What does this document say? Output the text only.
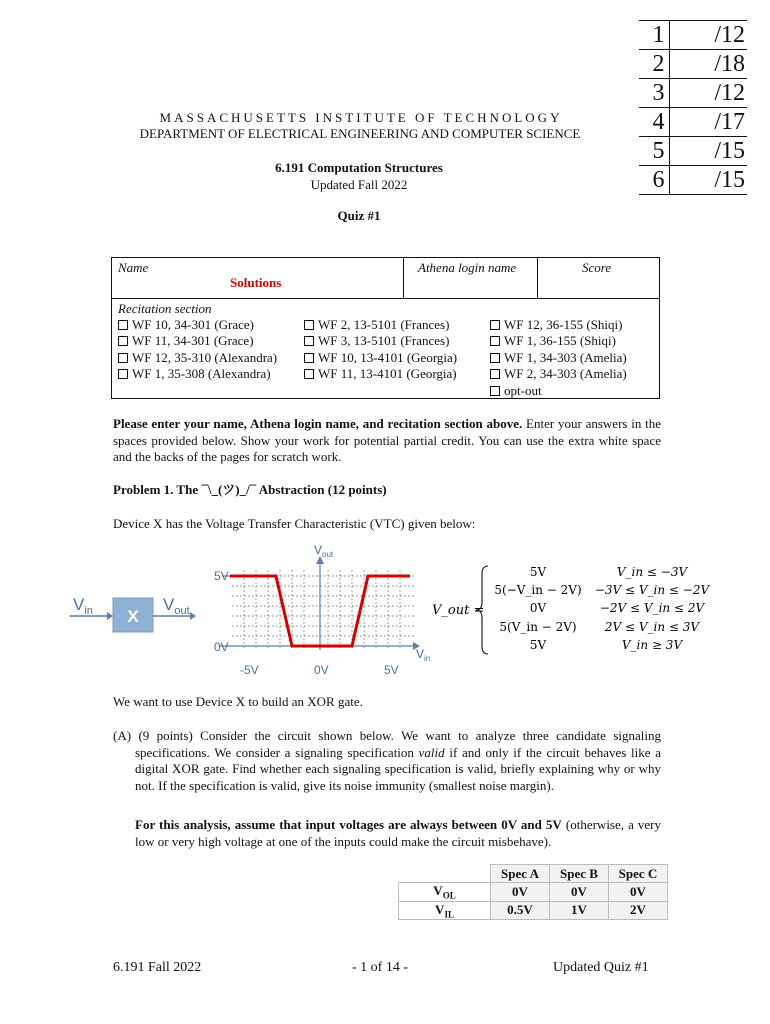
1	/12
2	/18
3	/12
4	/17
5	/15
6	/15
MASSACHUSETTS INSTITUTE OF TECHNOLOGY
DEPARTMENT OF ELECTRICAL ENGINEERING AND COMPUTER SCIENCE
6.191 Computation Structures
Updated Fall 2022
Quiz #1
Name
Solutions
Athena login name	Score
Recitation section
WF 10, 34-301 (Grace)
WF 11, 34-301 (Grace)
WF 12, 35-310 (Alexandra)
WF 1, 35-308 (Alexandra)
WF 2, 13-5101 (Frances)
WF 3, 13-5101 (Frances)
WF 10, 13-4101 (Georgia)
WF 11, 13-4101 (Georgia)
WF 12, 36-155 (Shiqi)
WF 1, 36-155 (Shiqi)
WF 1, 34-303 (Amelia)
WF 2, 34-303 (Amelia)
opt-out
Please enter your name, Athena login name, and recitation section above. Enter your answers in the spaces provided below. Show your work for potential partial credit. You can use the extra white space and the backs of the pages for scratch work.
Problem 1. The ¯\_(ツ)_/¯ Abstraction (12 points)
Device X has the Voltage Transfer Characteristic (VTC) given below:
X
$V_{in}$	$V_{out}$
$V_{out}$
$V_{in}$
5V
0V
-5V	0V	5V
V_out =
5V	V_in ≤ −3V
5(−V_in − 2V) −3V ≤ V_in ≤ −2V
0V	−2V ≤ V_in ≤ 2V
5(V_in − 2V) 2V ≤ V_in ≤ 3V
5V	V_in ≥ 3V
We want to use Device X to build an XOR gate.
(A) (9 points) Consider the circuit shown below. We want to analyze three candidate signaling specifications. We consider a signaling specification valid if and only if the circuit behaves like a digital XOR gate. Find whether each signaling specification is valid, briefly explaining why or why not. If the specification is valid, give its noise immunity (smallest noise margin).
For this analysis, assume that input voltages are always between 0V and 5V (otherwise, a very low or very high voltage at one of the inputs could make the circuit misbehave).
	Spec A	Spec B	Spec C
$V_{OL}$	0V	0V	0V
$V_{IL}$	0.5V	1V	2V
6.191 Fall 2022	- 1 of 14 -	Updated Quiz #1
